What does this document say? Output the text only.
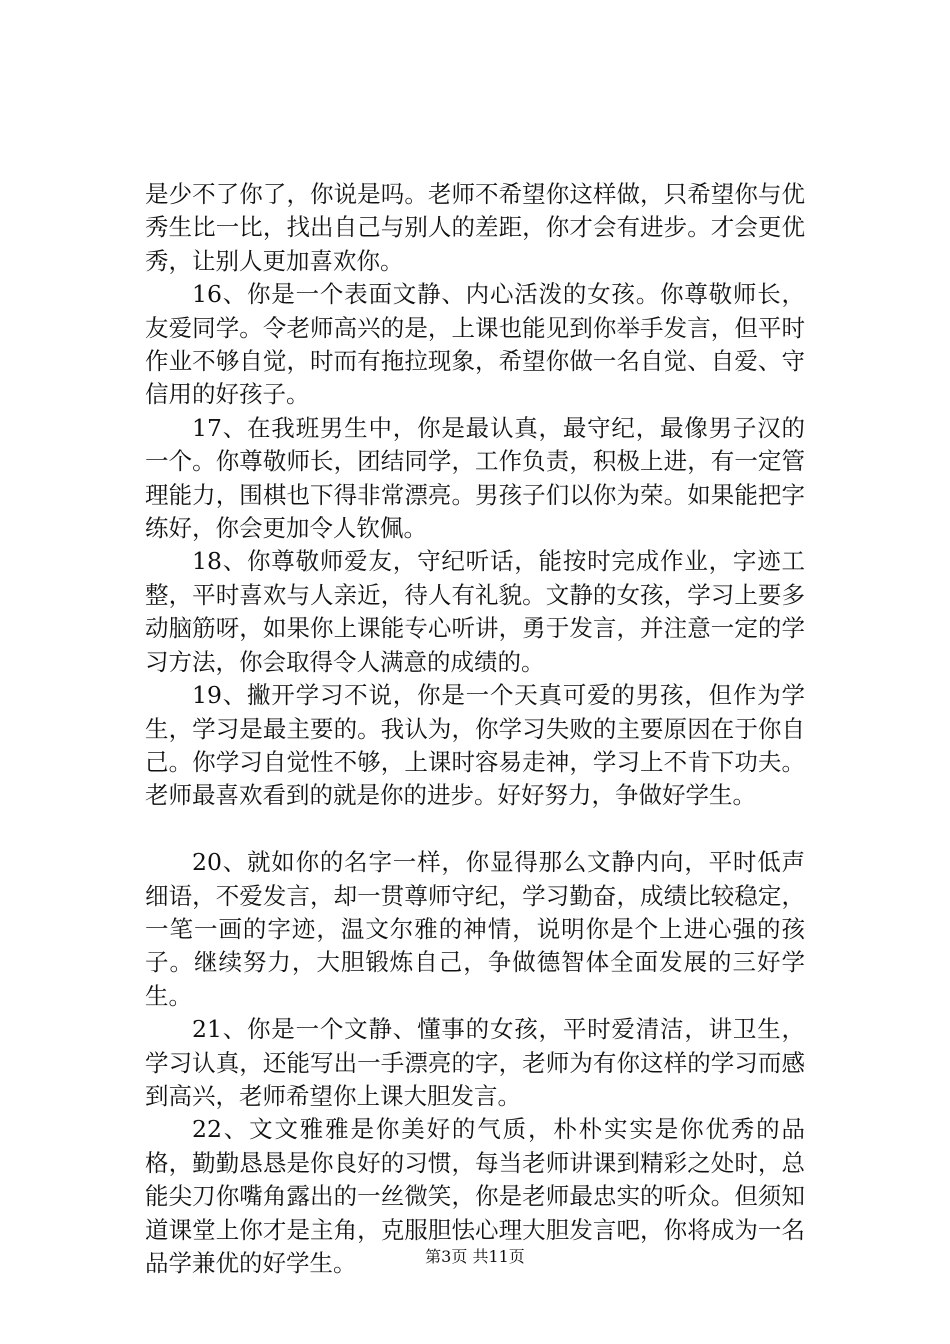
是少不了你了，你说是吗。老师不希望你这样做，只希望你与优秀生比一比，找出自己与别人的差距，你才会有进步。才会更优秀，让别人更加喜欢你。

16、你是一个表面文静、内心活泼的女孩。你尊敬师长，友爱同学。令老师高兴的是，上课也能见到你举手发言，但平时作业不够自觉，时而有拖拉现象，希望你做一名自觉、自爱、守信用的好孩子。

17、在我班男生中，你是最认真，最守纪，最像男子汉的一个。你尊敬师长，团结同学，工作负责，积极上进，有一定管理能力，围棋也下得非常漂亮。男孩子们以你为荣。如果能把字练好，你会更加令人钦佩。

18、你尊敬师爱友，守纪听话，能按时完成作业，字迹工整，平时喜欢与人亲近，待人有礼貌。文静的女孩，学习上要多动脑筋呀，如果你上课能专心听讲，勇于发言，并注意一定的学习方法，你会取得令人满意的成绩的。

19、撇开学习不说，你是一个天真可爱的男孩，但作为学生，学习是最主要的。我认为，你学习失败的主要原因在于你自己。你学习自觉性不够，上课时容易走神，学习上不肯下功夫。老师最喜欢看到的就是你的进步。好好努力，争做好学生。

20、就如你的名字一样，你显得那么文静内向，平时低声细语，不爱发言，却一贯尊师守纪，学习勤奋，成绩比较稳定，一笔一画的字迹，温文尔雅的神情，说明你是个上进心强的孩子。继续努力，大胆锻炼自己，争做德智体全面发展的三好学生。

21、你是一个文静、懂事的女孩，平时爱清洁，讲卫生，学习认真，还能写出一手漂亮的字，老师为有你这样的学习而感到高兴，老师希望你上课大胆发言。

22、文文雅雅是你美好的气质，朴朴实实是你优秀的品格，勤勤恳恳是你良好的习惯，每当老师讲课到精彩之处时，总能尖刀你嘴角露出的一丝微笑，你是老师最忠实的听众。但须知道课堂上你才是主角，克服胆怯心理大胆发言吧，你将成为一名品学兼优的好学生。	第3页 共11页
